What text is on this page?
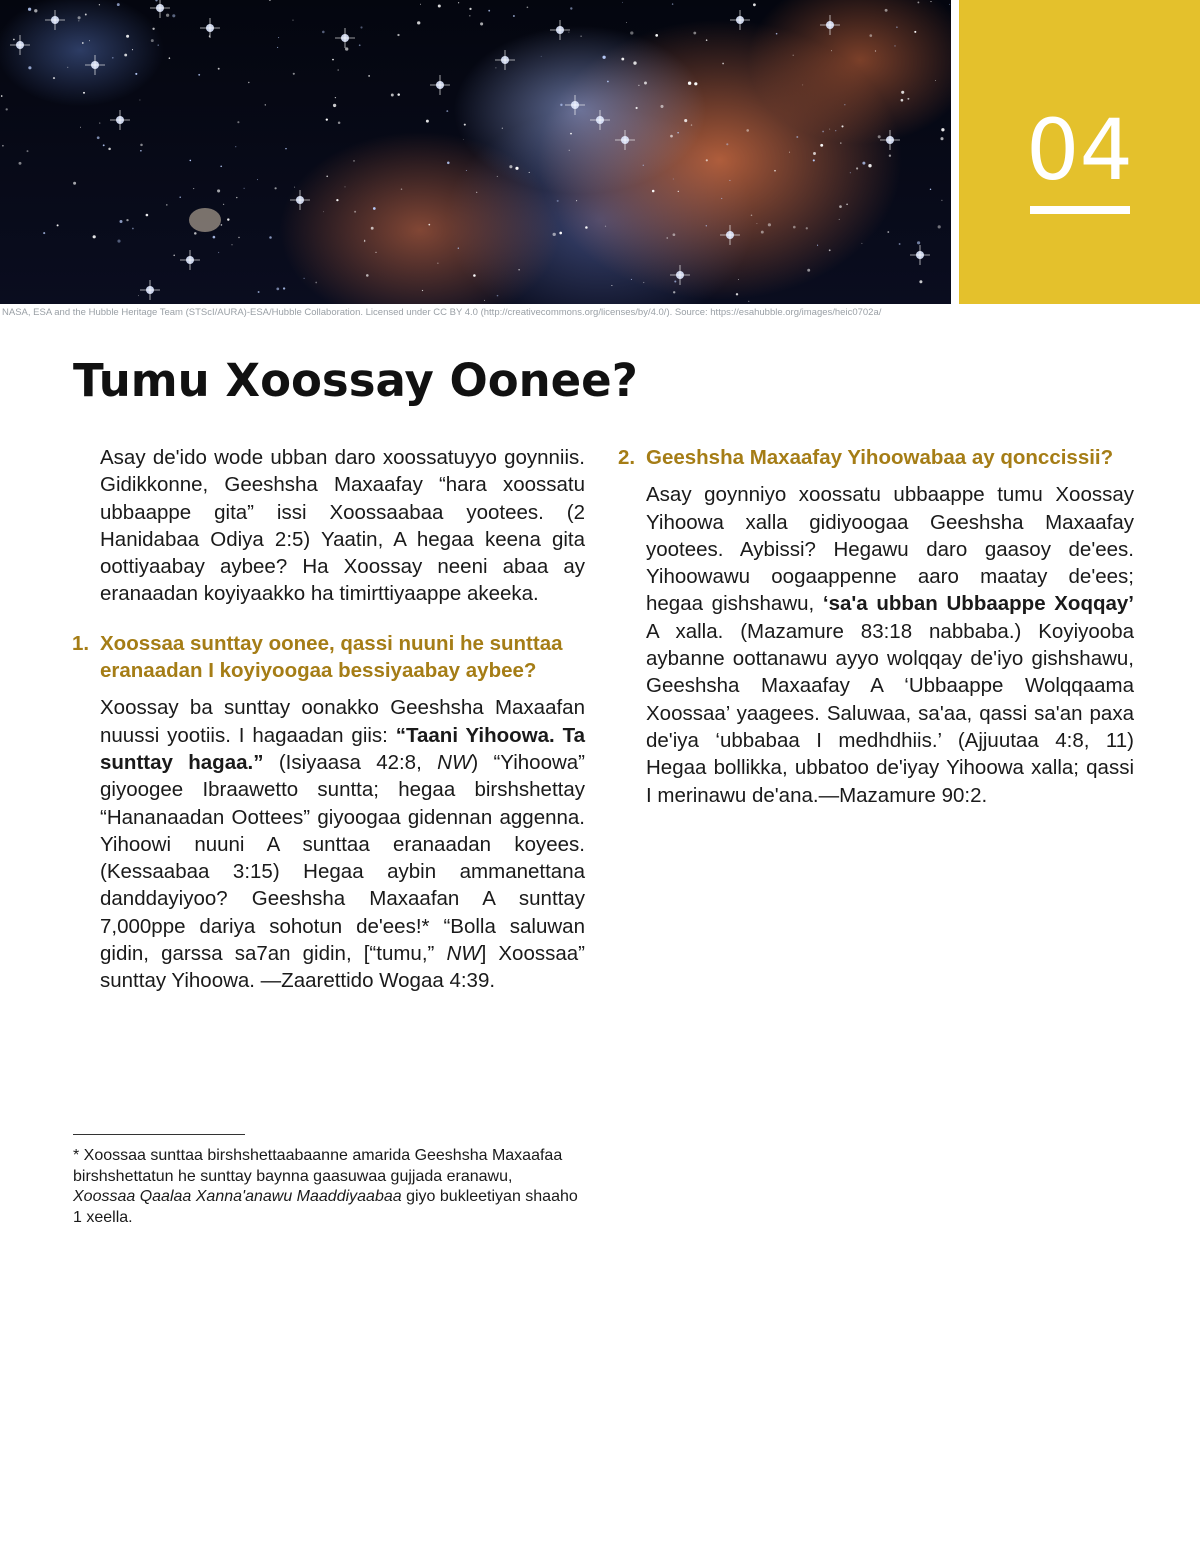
04
NASA, ESA and the Hubble Heritage Team (STScI/AURA)-ESA/Hubble Collaboration. Licensed under CC BY 4.0 (http://creativecommons.org/licenses/by/4.0/). Source: https://esahubble.org/images/heic0702a/
Tumu Xoossay Oonee?

Asay de'ido wode ubban daro xoossatuyyo goynniis. Gidikkonne, Geeshsha Maxaafay “hara xoossatu ubbaappe gita” issi Xoossaabaa yootees. (2 Hanidabaa Odiya 2:5) Yaatin, A hegaa keena gita oottiyaabay aybee? Ha Xoossay neeni abaa ay eranaadan koyiyaakko ha timirttiyaappe akeeka.

1. Xoossaa sunttay oonee, qassi nuuni he sunttaa eranaadan I koyiyoogaa bessiyaabay aybee?

Xoossay ba sunttay oonakko Geeshsha Maxaafan nuussi yootiis. I hagaadan giis: “Taani Yihoowa. Ta sunttay hagaa.” (Isiyaasa 42:8, NW) “Yihoowa” giyoogee Ibraawetto suntta; hegaa birshshettay “Hananaadan Oottees” giyoogaa gidennan aggenna. Yihoowi nuuni A sunttaa eranaadan koyees. (Kessaabaa 3:15) Hegaa aybin ammanettana danddayiyoo? Geeshsha Maxaafan A sunttay 7,000ppe dariya sohotun de'ees!* “Bolla saluwan gidin, garssa sa7an gidin, [“tumu,” NW] Xoossaa” sunttay Yihoowa. —Zaarettido Wogaa 4:39.

2. Geeshsha Maxaafay Yihoowabaa ay qonccissii?

Asay goynniyo xoossatu ubbaappe tumu Xoossay Yihoowa xalla gidiyoogaa Geeshsha Maxaafay yootees. Aybissi? Hegawu daro gaasoy de'ees. Yihoowawu oogaappenne aaro maatay de'ees; hegaa gishshawu, ‘sa'a ubban Ubbaappe Xoqqay’ A xalla. (Mazamure 83:18 nabbaba.) Koyiyooba aybanne oottanawu ayyo wolqqay de'iyo gishshawu, Geeshsha Maxaafay A ‘Ubbaappe Wolqqaama Xoossaa’ yaagees. Saluwaa, sa'aa, qassi sa'an paxa de'iya ‘ubbabaa I medhdhiis.’ (Ajjuutaa 4:8, 11) Hegaa bollikka, ubbatoo de'iyay Yihoowa xalla; qassi I merinawu de'ana.—Mazamure 90:2.

* Xoossaa sunttaa birshshettaabaanne amarida Geeshsha Maxaafaa birshshettatun he sunttay baynna gaasuwaa gujjada eranawu, Xoossaa Qaalaa Xanna'anawu Maaddiyaabaa giyo bukleetiyan shaaho 1 xeella.
